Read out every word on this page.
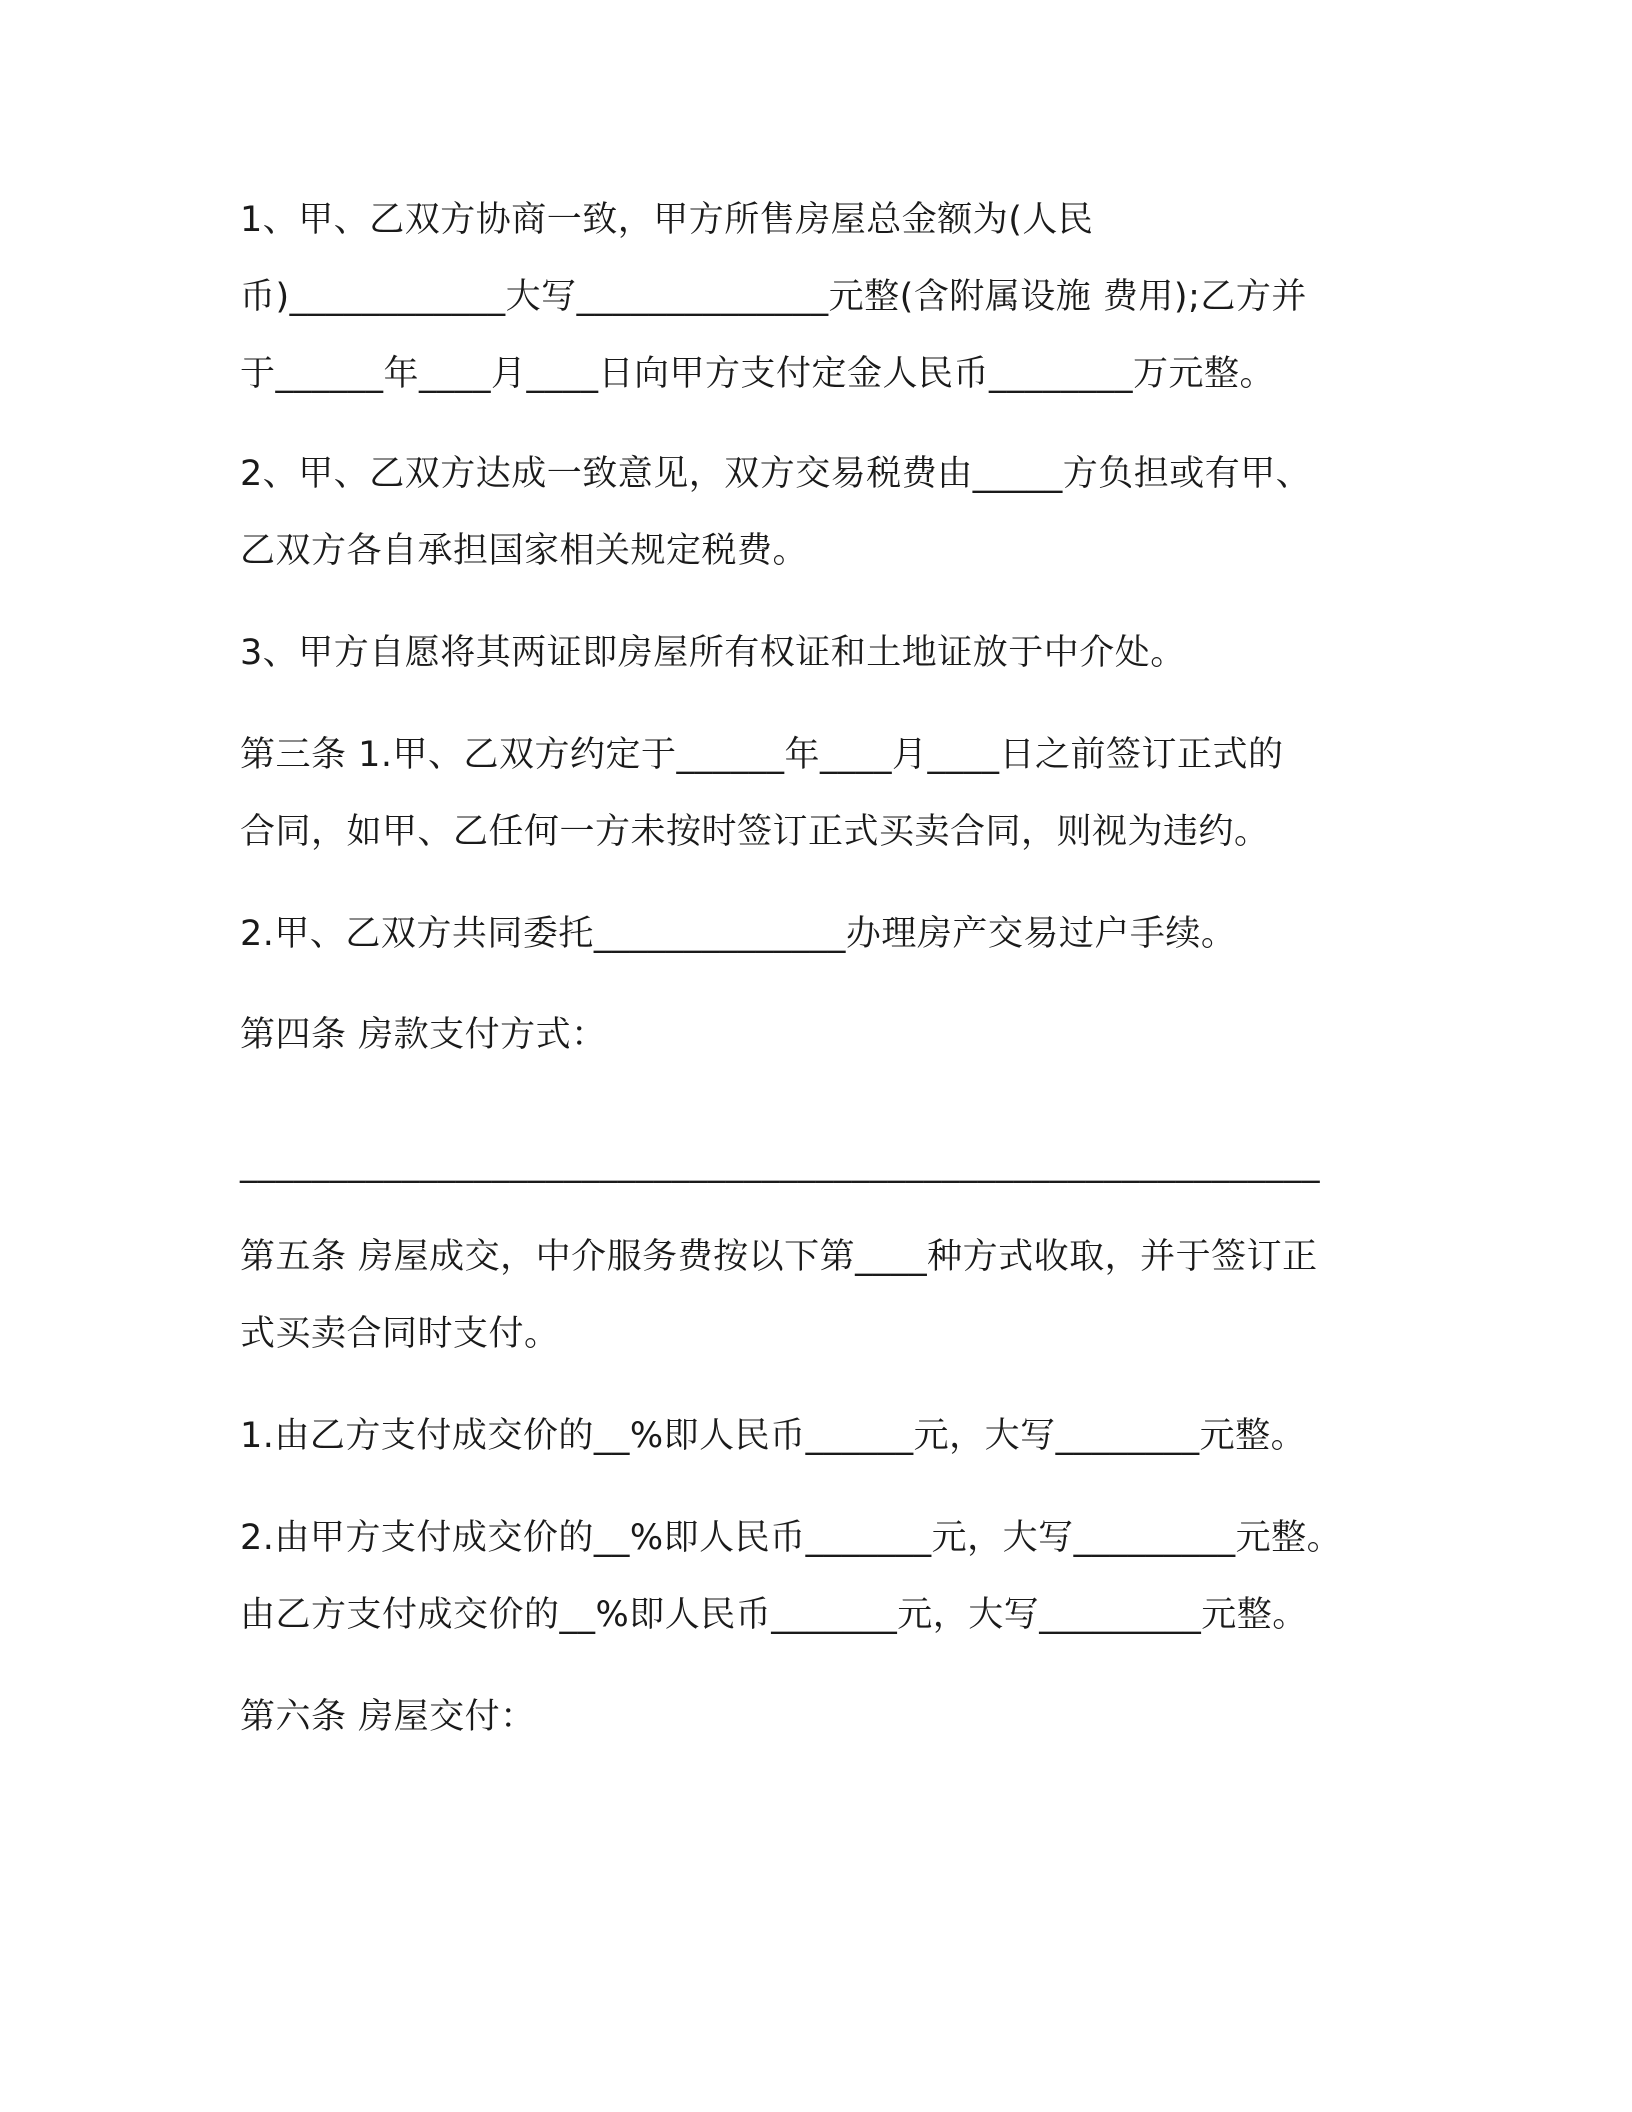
1、甲、乙双方协商一致，甲方所售房屋总金额为(人民
币)____________大写______________元整(含附属设施 费用);乙方并
于______年____月____日向甲方支付定金人民币________万元整。
2、甲、乙双方达成一致意见，双方交易税费由_____方负担或有甲、
乙双方各自承担国家相关规定税费。
3、甲方自愿将其两证即房屋所有权证和土地证放于中介处。
第三条 1.甲、乙双方约定于______年____月____日之前签订正式的
合同，如甲、乙任何一方未按时签订正式买卖合同，则视为违约。
2.甲、乙双方共同委托______________办理房产交易过户手续。
第四条 房款支付方式：
____________________________________________________________
第五条 房屋成交，中介服务费按以下第____种方式收取，并于签订正
式买卖合同时支付。
1.由乙方支付成交价的__%即人民币______元，大写________元整。
2.由甲方支付成交价的__%即人民币_______元，大写_________元整。
由乙方支付成交价的__%即人民币_______元，大写_________元整。
第六条 房屋交付：
